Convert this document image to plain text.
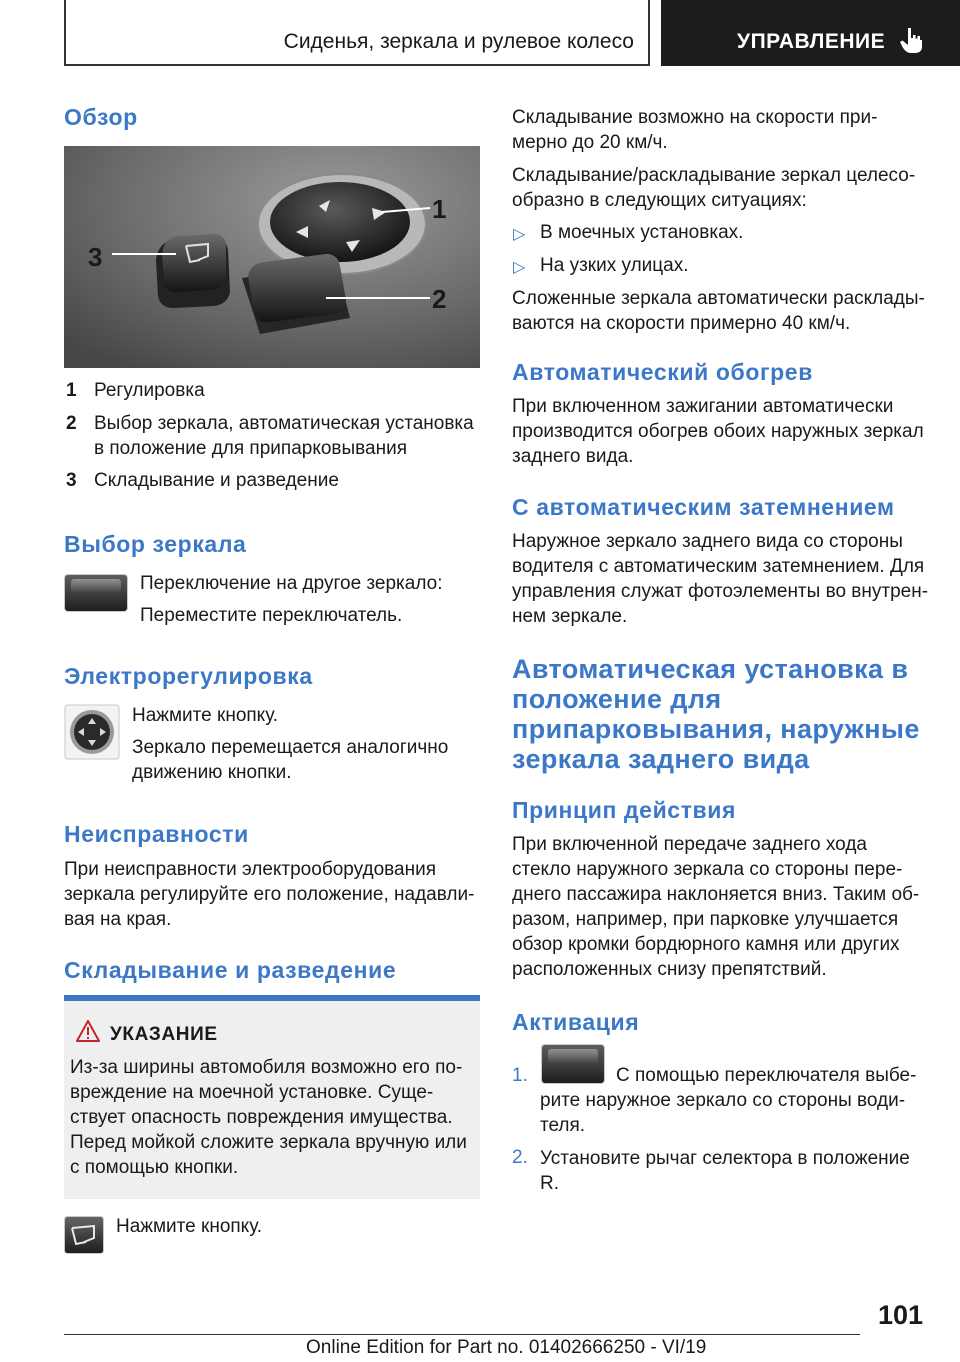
Сиденья, зеркала и рулевое колесо	УПРАВЛЕНИЕ
Обзор
1
2
3
1 Регулировка
2 Выбор зеркала, автоматическая установка
в положение для припарковывания
3 Складывание и разведение
Выбор зеркала
Переключение на другое зеркало:
Переместите переключатель.
Электрорегулировка
Нажмите кнопку.
Зеркало перемещается аналогично
движению кнопки.
Неисправности
При неисправности электрооборудования
зеркала регулируйте его положение, надавли-
вая на края.
Складывание и разведение
УКАЗАНИЕ
Из-за ширины автомобиля возможно его по-
вреждение на моечной установке. Суще-
ствует опасность повреждения имущества.
Перед мойкой сложите зеркала вручную или
с помощью кнопки.
Нажмите кнопку.
Складывание возможно на скорости при-
мерно до 20 км/ч.
Складывание/раскладывание зеркал целесо-
образно в следующих ситуациях:
▷ В моечных установках.
▷ На узких улицах.
Сложенные зеркала автоматически расклады-
ваются на скорости примерно 40 км/ч.
Автоматический обогрев
При включенном зажигании автоматически
производится обогрев обоих наружных зеркал
заднего вида.
С автоматическим затемнением
Наружное зеркало заднего вида со стороны
водителя с автоматическим затемнением. Для
управления служат фотоэлементы во внутрен-
нем зеркале.
Автоматическая установка в
положение для
припарковывания, наружные
зеркала заднего вида
Принцип действия
При включенной передаче заднего хода
стекло наружного зеркала со стороны пере-
днего пассажира наклоняется вниз. Таким об-
разом, например, при парковке улучшается
обзор кромки бордюрного камня или других
расположенных снизу препятствий.
Активация
1.	С помощью переключателя выбе-
рите наружное зеркало со стороны води-
теля.
2. Установите рычаг селектора в положение
R.
101
Online Edition for Part no. 01402666250 - VI/19
